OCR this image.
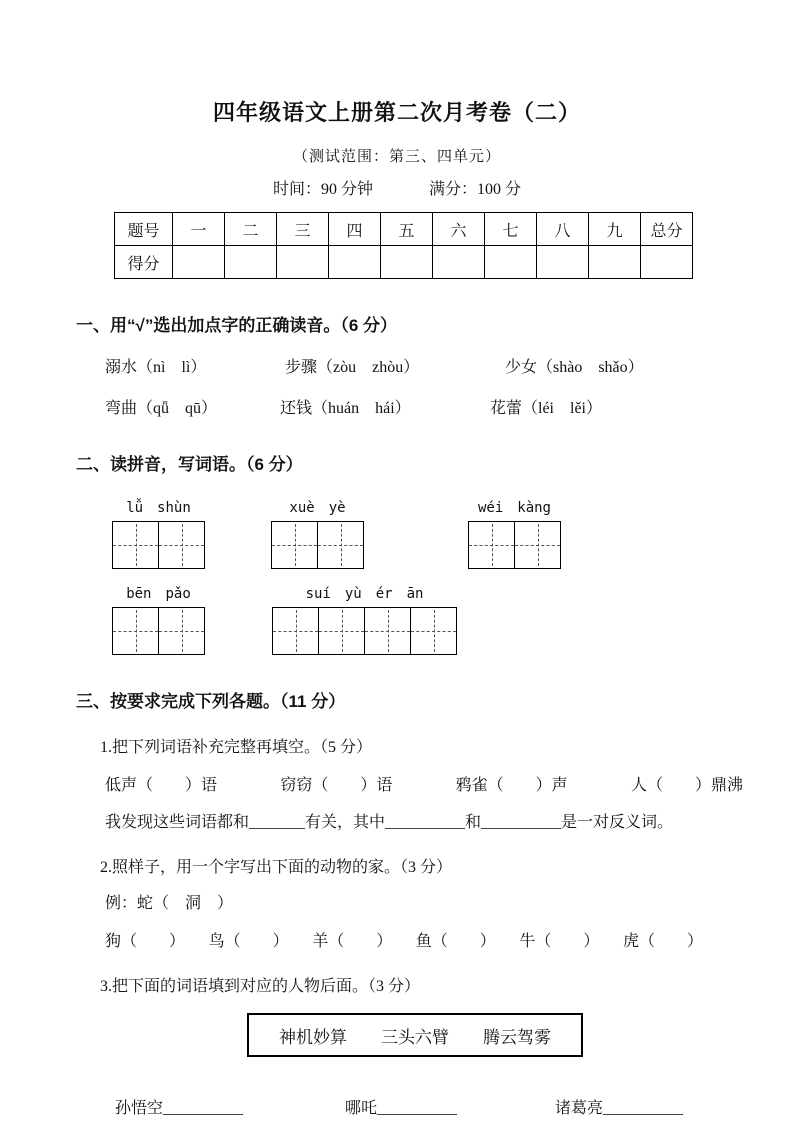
四年级语文上册第二次月考卷（二）
（测试范围：第三、四单元）
时间：90 分钟	满分：100 分
题号	一	二	三	四	五	六	七	八	九	总分
得分										
一、用“√”选出加点字的正确读音。（6 分）
溺水（nì　lì）	步骤（zòu　zhòu）	少女（shào　shǎo）
弯曲（qǖ　qū）	还钱（huán　hái）	花蕾（léi　lěi）
二、读拼音，写词语。（6 分）
lǚ　shùn	xuè　yè	wéi　kàng
bēn　pǎo	suí　yù　ér　ān
三、按要求完成下列各题。（11 分）
1.把下列词语补充完整再填空。（5 分）
低声（　　）语	窃窃（　　）语	鸦雀（　　）声	人（　　）鼎沸
我发现这些词语都和_______有关，其中__________和__________是一对反义词。
2.照样子，用一个字写出下面的动物的家。（3 分）
例：蛇（　洞　）
狗（　　） 鸟（　　） 羊（　　） 鱼（　　） 牛（　　） 虎（　　）
3.把下面的词语填到对应的人物后面。（3 分）
神机妙算 三头六臂 腾云驾雾
孙悟空__________	哪吒__________	诸葛亮__________
